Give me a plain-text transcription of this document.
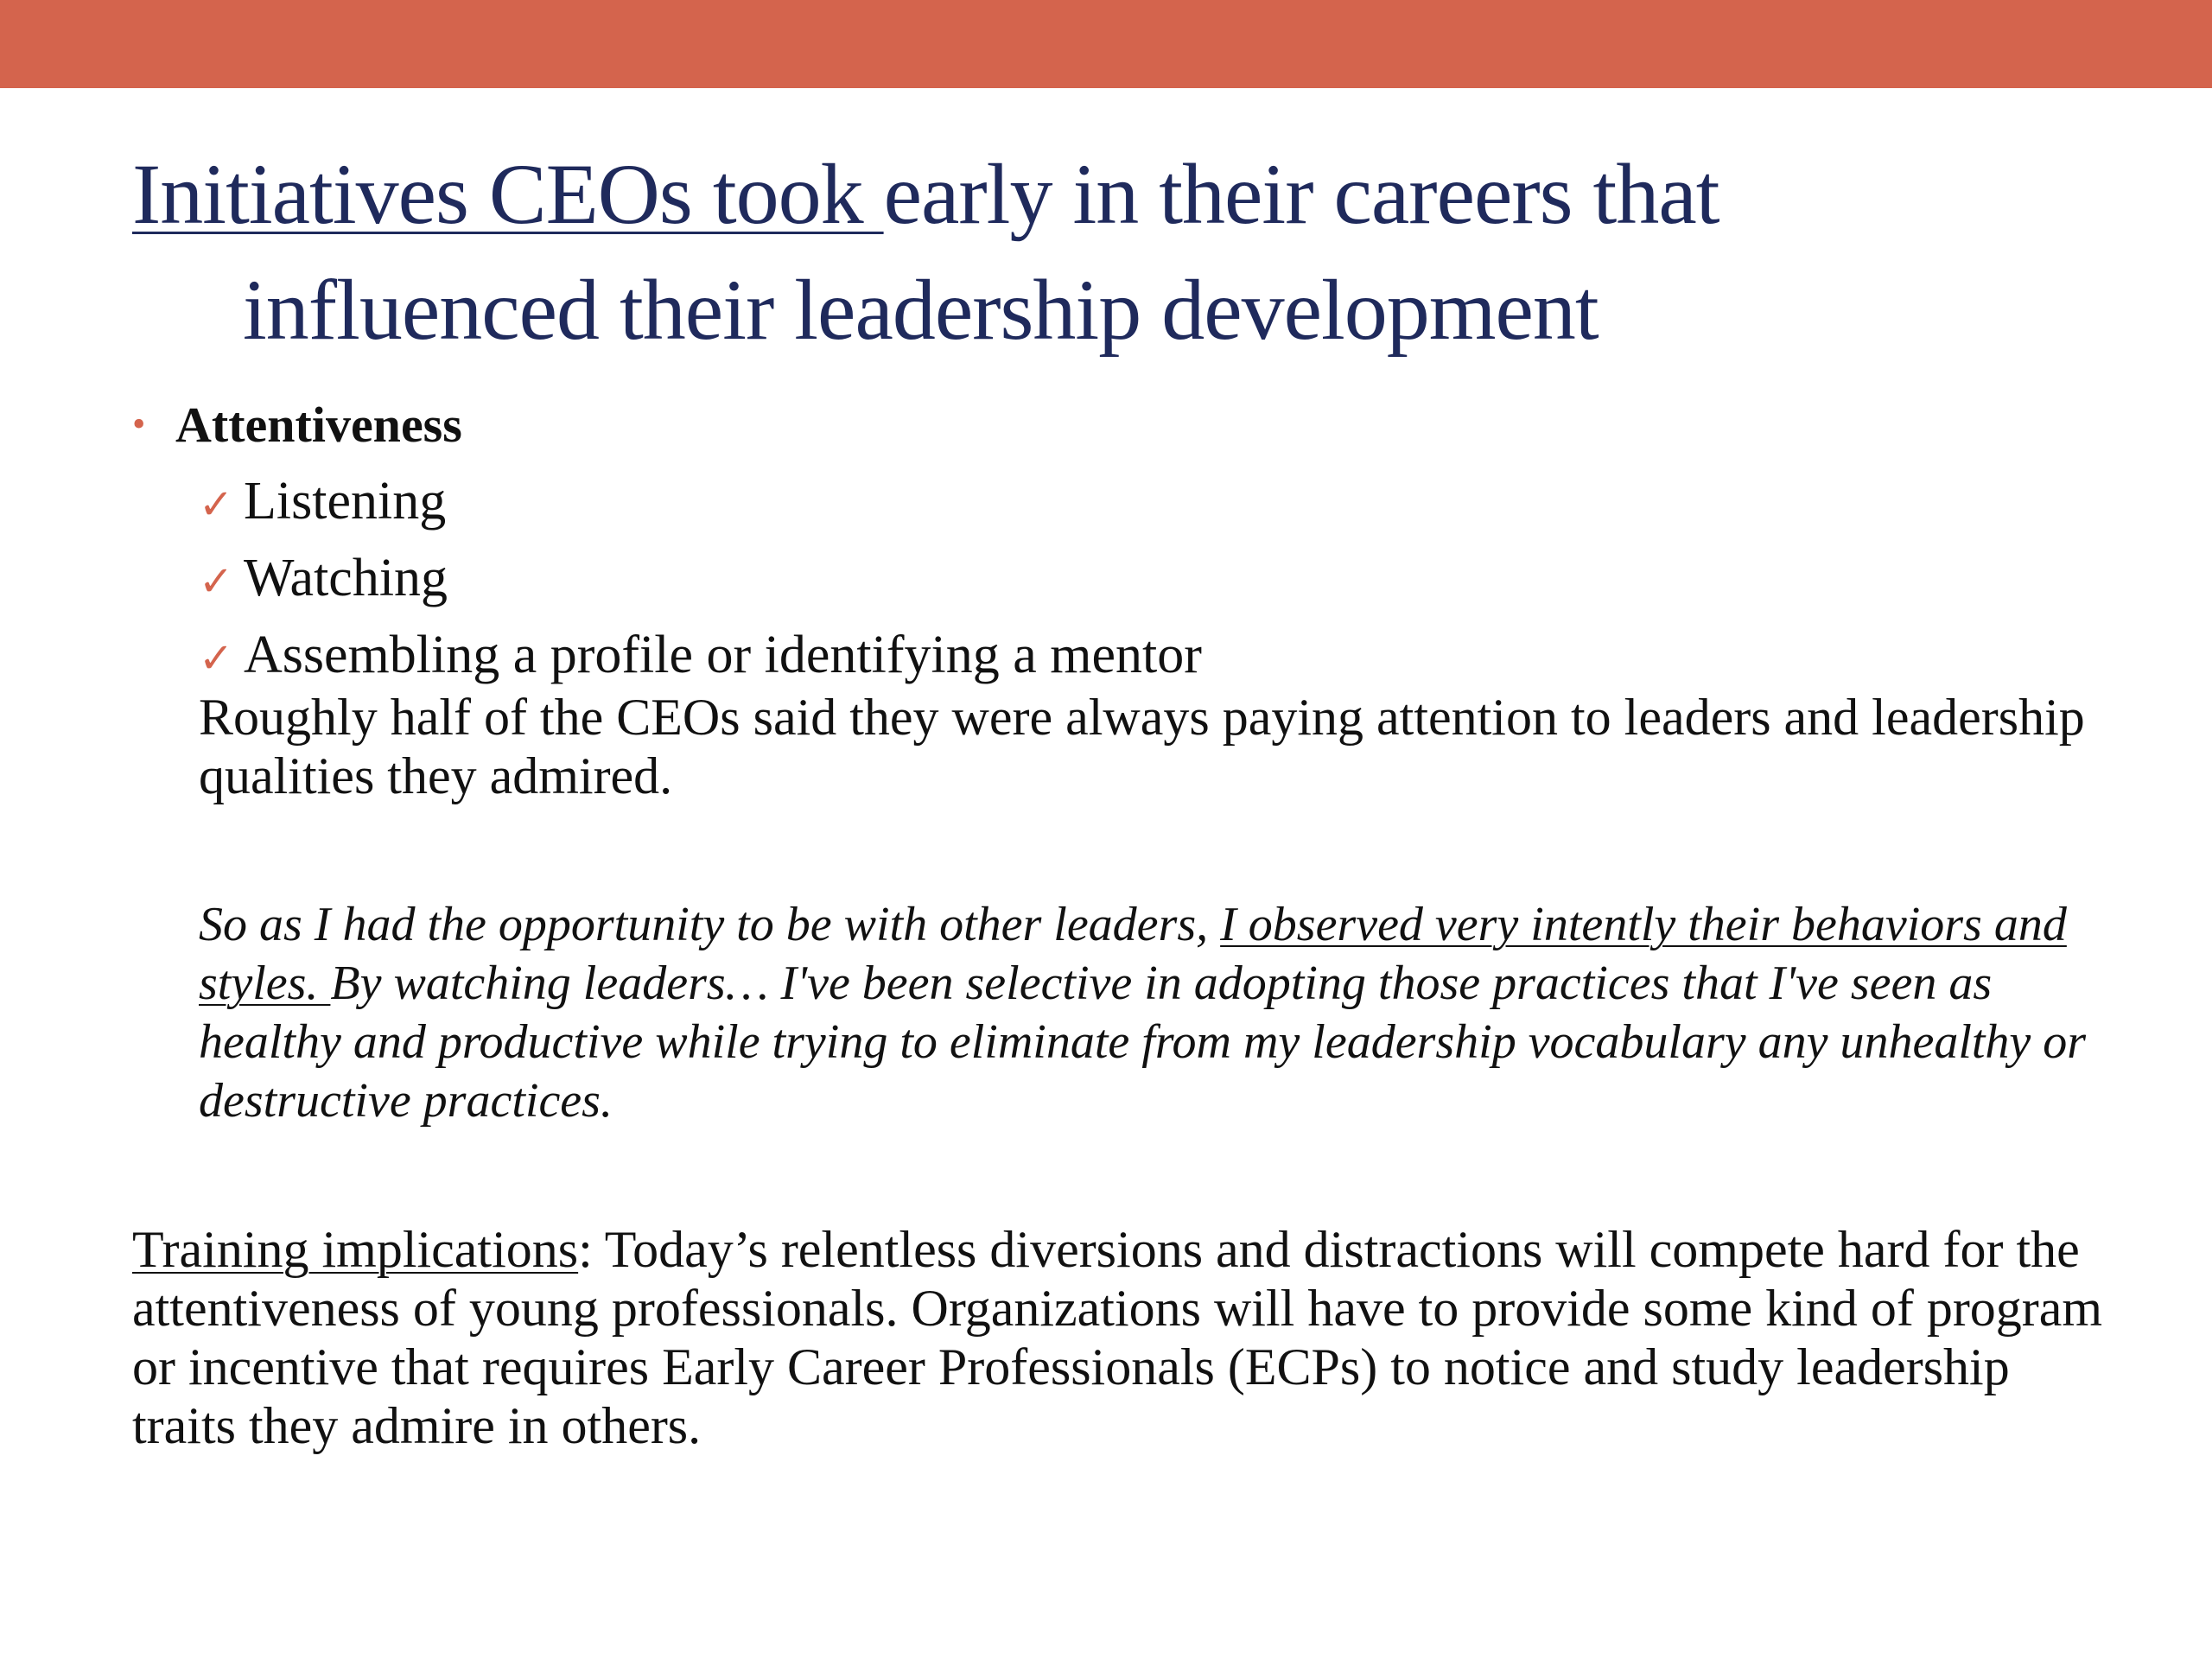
Initiatives CEOs took early in their careers that
influenced their leadership development
• Attentiveness
✓ Listening
✓ Watching
✓ Assembling a profile or identifying a mentor

Roughly half of the CEOs said they were always paying attention to leaders and leadership qualities they admired.

So as I had the opportunity to be with other leaders, I observed very intently their behaviors and styles. By watching leaders… I've been selective in adopting those practices that I've seen as healthy and productive while trying to eliminate from my leadership vocabulary any unhealthy or destructive practices.

Training implications: Today’s relentless diversions and distractions will compete hard for the attentiveness of young professionals. Organizations will have to provide some kind of program or incentive that requires Early Career Professionals (ECPs) to notice and study leadership traits they admire in others.
